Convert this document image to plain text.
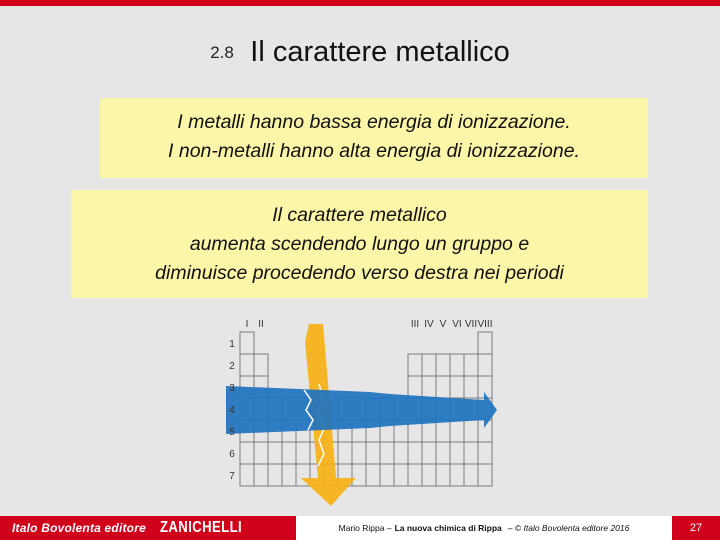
2.8 Il carattere metallico
I metalli hanno bassa energia di ionizzazione.
I non-metalli hanno alta energia di ionizzazione.
Il carattere metallico
aumenta scendendo lungo un gruppo e
diminuisce procedendo verso destra nei periodi
I II	III IV V VI VII VIII
1
2
3
4
5
6
7
Italo Bovolenta editore ZANICHELLI	Mario Rippa – La nuova chimica di Rippa – © Italo Bovolenta editore 2016	27
